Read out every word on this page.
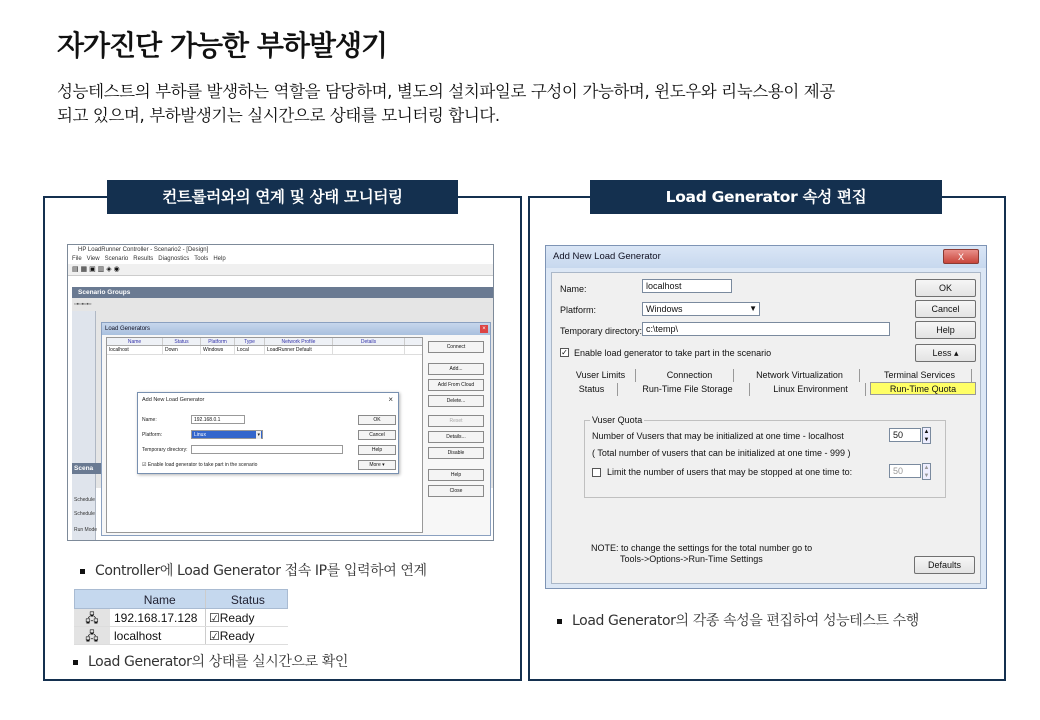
자가진단 가능한 부하발생기
성능테스트의 부하를 발생하는 역할을 담당하며, 별도의 설치파일로 구성이 가능하며, 윈도우와 리눅스용이 제공
되고 있으며, 부하발생기는 실시간으로 상태를 모니터링 합니다.
컨트롤러와의 연계 및 상태 모니터링
HP LoadRunner Controller - Scenario2 - [Design]
File View Scenario Results Diagnostics Tools Help
▤ ▦ ▣ ▥ ◈ ◉
Scenario Groups
▫▪▫▪▫▪▫
Scena
Schedule
Schedule
Run Mode
Load Generators	×
Name	Status	Platform	Type	Network Profile	Details
localhost	Down	Windows	Local	LoadRunner Default	Connect
Add...
Add From Cloud
Delete...
Reset
Details...
Disable
Help
Close
Add New Load Generator	×
Name:	192.168.0.1
Platform:	Linux	▾
Temporary directory:
☑ Enable load generator to take part in the scenario
OK
Cancel
Help
More ▾
Controller에 Load Generator 접속 IP를 입력하여 연계
Name	Status
🖧	192.168.17.128 ☑Ready
🖧	localhost	☑Ready
Load Generator의 상태를 실시간으로 확인
Load Generator 속성 편집
Add New Load Generator	X
Name:	localhost
Platform:	Windows	▼
Temporary directory: c:\temp\
✓ Enable load generator to take part in the scenario
OK
Cancel
Help
Less ▴
Vuser Limits	Connection	Network Virtualization	Terminal Services
Status	Run-Time File Storage	Linux Environment	Run-Time Quota
Vuser Quota
Number of Vusers that may be initialized at one time - localhost	50	▲
▼
( Total number of vusers that can be initialized at one time - 999 )
Limit the number of users that may be stopped at one time to:	50	▲
▼
NOTE: to change the settings for the total number go to
Tools->Options->Run-Time Settings
Defaults
Load Generator의 각종 속성을 편집하여 성능테스트 수행
